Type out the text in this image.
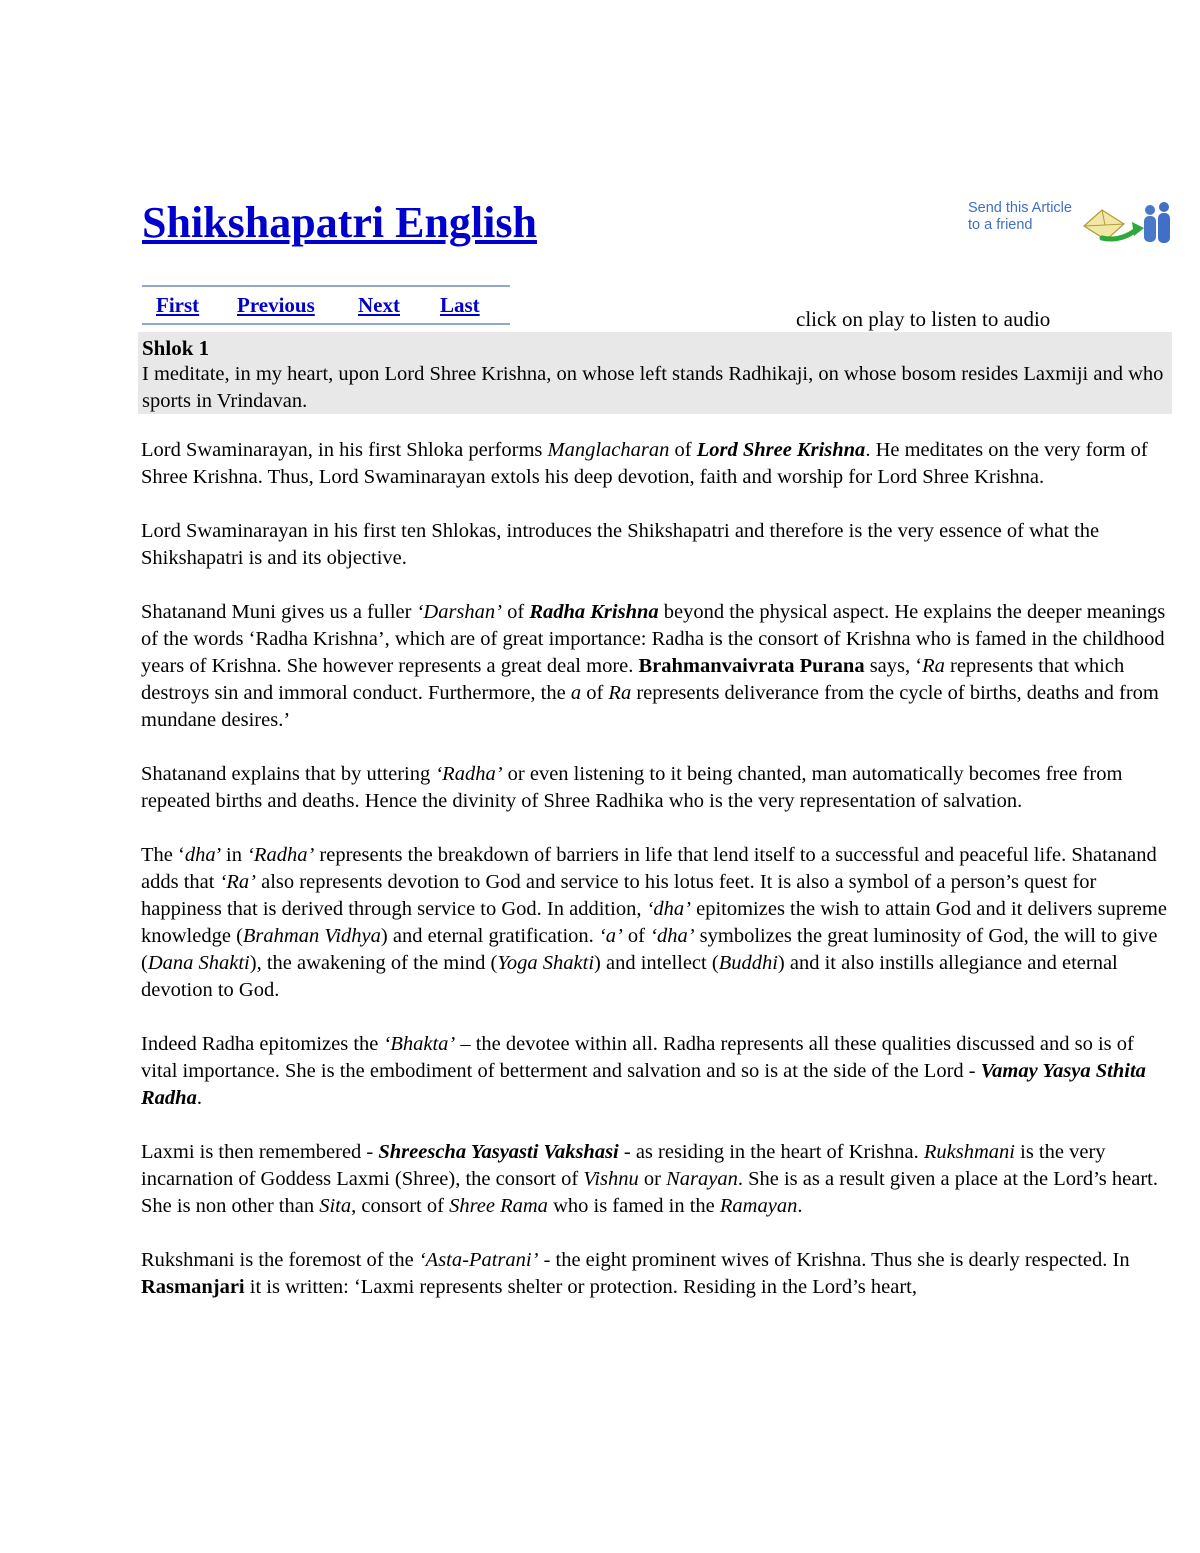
Shikshapatri English	Send this Article
to a friend
First Previous Next Last
click on play to listen to audio
Shlok 1
I meditate, in my heart, upon Lord Shree Krishna, on whose left stands Radhikaji, on whose bosom resides Laxmiji and who sports in Vrindavan.

Lord Swaminarayan, in his first Shloka performs Manglacharan of Lord Shree Krishna. He meditates on the very form of Shree Krishna. Thus, Lord Swaminarayan extols his deep devotion, faith and worship for Lord Shree Krishna.

Lord Swaminarayan in his first ten Shlokas, introduces the Shikshapatri and therefore is the very essence of what the Shikshapatri is and its objective.

Shatanand Muni gives us a fuller ‘Darshan’ of Radha Krishna beyond the physical aspect. He explains the deeper meanings of the words ‘Radha Krishna’, which are of great importance: Radha is the consort of Krishna who is famed in the childhood years of Krishna. She however represents a great deal more. Brahmanvaivrata Purana says, ‘Ra represents that which destroys sin and immoral conduct. Furthermore, the a of Ra represents deliverance from the cycle of births, deaths and from mundane desires.’

Shatanand explains that by uttering ‘Radha’ or even listening to it being chanted, man automatically becomes free from repeated births and deaths. Hence the divinity of Shree Radhika who is the very representation of salvation.

The ‘dha’ in ‘Radha’ represents the breakdown of barriers in life that lend itself to a successful and peaceful life. Shatanand adds that ‘Ra’ also represents devotion to God and service to his lotus feet. It is also a symbol of a person’s quest for happiness that is derived through service to God. In addition, ‘dha’ epitomizes the wish to attain God and it delivers supreme knowledge (Brahman Vidhya) and eternal gratification. ‘a’ of ‘dha’ symbolizes the great luminosity of God, the will to give (Dana Shakti), the awakening of the mind (Yoga Shakti) and intellect (Buddhi) and it also instills allegiance and eternal devotion to God.

Indeed Radha epitomizes the ‘Bhakta’ – the devotee within all. Radha represents all these qualities discussed and so is of vital importance. She is the embodiment of betterment and salvation and so is at the side of the Lord - Vamay Yasya Sthita Radha.

Laxmi is then remembered - Shreescha Yasyasti Vakshasi - as residing in the heart of Krishna. Rukshmani is the very incarnation of Goddess Laxmi (Shree), the consort of Vishnu or Narayan. She is as a result given a place at the Lord’s heart. She is non other than Sita, consort of Shree Rama who is famed in the Ramayan.

Rukshmani is the foremost of the ‘Asta-Patrani’ - the eight prominent wives of Krishna. Thus she is dearly respected. In Rasmanjari it is written: ‘Laxmi represents shelter or protection. Residing in the Lord’s heart,
